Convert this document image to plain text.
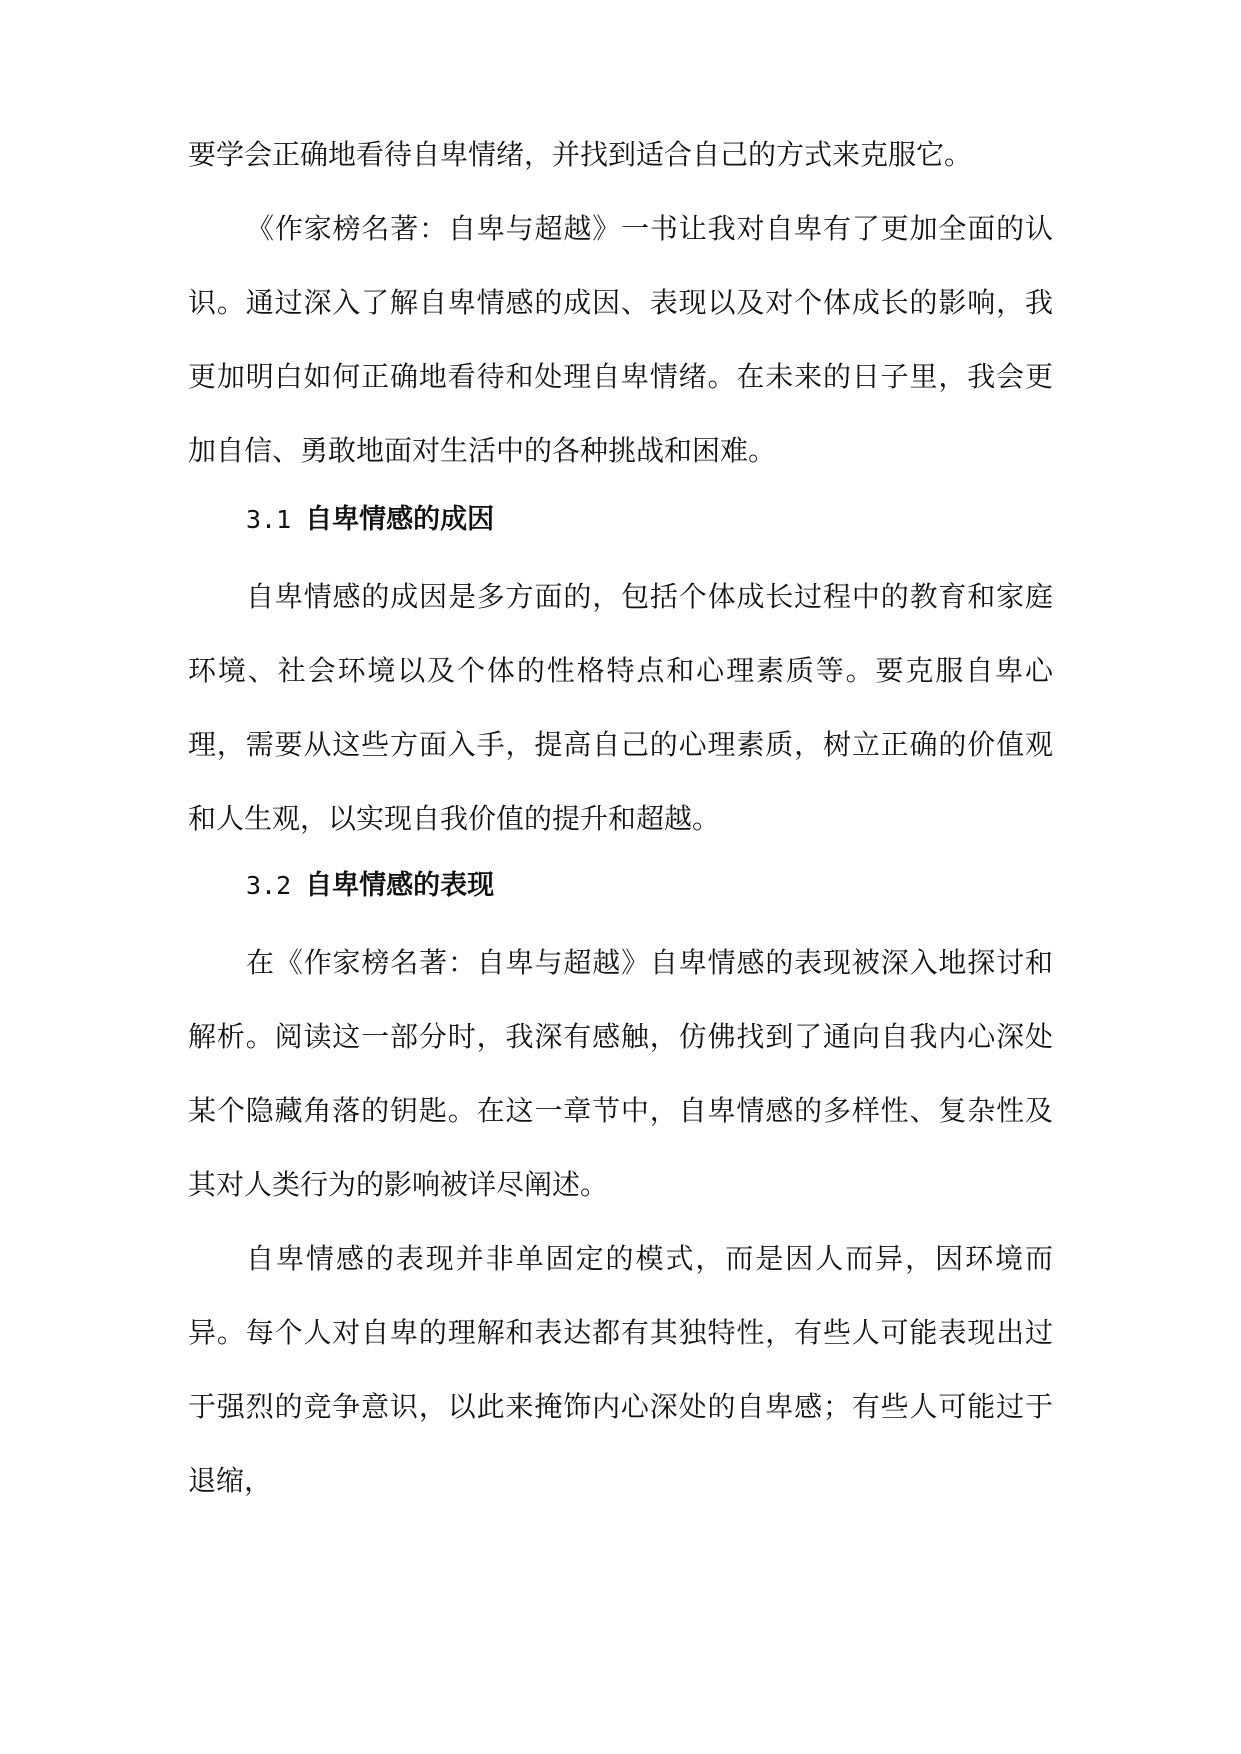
要学会正确地看待自卑情绪，并找到适合自己的方式来克服它。

《作家榜名著：自卑与超越》一书让我对自卑有了更加全面的认识。通过深入了解自卑情感的成因、表现以及对个体成长的影响，我更加明白如何正确地看待和处理自卑情绪。在未来的日子里，我会更加自信、勇敢地面对生活中的各种挑战和困难。

3.1 自卑情感的成因

自卑情感的成因是多方面的，包括个体成长过程中的教育和家庭环境、社会环境以及个体的性格特点和心理素质等。要克服自卑心理，需要从这些方面入手，提高自己的心理素质，树立正确的价值观和人生观，以实现自我价值的提升和超越。

3.2 自卑情感的表现

在《作家榜名著：自卑与超越》自卑情感的表现被深入地探讨和解析。阅读这一部分时，我深有感触，仿佛找到了通向自我内心深处某个隐藏角落的钥匙。在这一章节中，自卑情感的多样性、复杂性及其对人类行为的影响被详尽阐述。

自卑情感的表现并非单固定的模式，而是因人而异，因环境而异。每个人对自卑的理解和表达都有其独特性，有些人可能表现出过于强烈的竞争意识，以此来掩饰内心深处的自卑感；有些人可能过于退缩，
